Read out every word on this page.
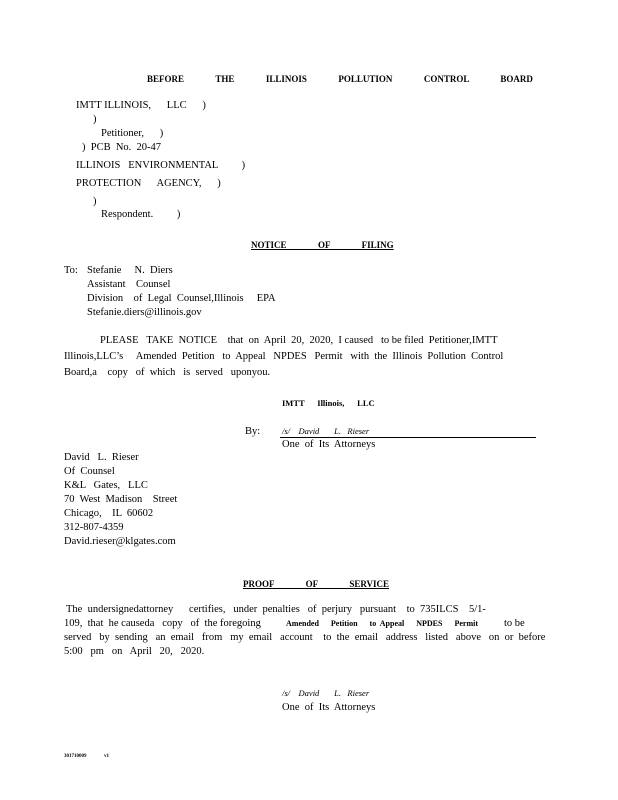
BEFORE      THE      ILLINOIS      POLLUTION      CONTROL      BOARD
IMTT ILLINOIS,      LLC      )
)
Petitioner,      )
)  PCB  No.  20-47
ILLINOIS   ENVIRONMENTAL         )
PROTECTION      AGENCY,      )
)
Respondent.         )
NOTICE      OF      FILING
To: Stefanie     N.  Diers
Assistant    Counsel
Division    of  Legal  Counsel,Illinois     EPA
Stefanie.diers@illinois.gov
PLEASE   TAKE  NOTICE    that  on  April  20,  2020,  I caused   to be filed  Petitioner,IMTT
Illinois,LLC’s     Amended  Petition   to  Appeal   NPDES   Permit   with  the  Illinois  Pollution  Control
Board,a    copy   of  which   is  served   uponyou.
IMTT      Illinois,      LLC
By:	/s/    David       L.   Rieser
One  of  Its  Attorneys
David   L.  Rieser
Of  Counsel
K&L   Gates,   LLC
70  West  Madison    Street
Chicago,    IL  60602
312-807-4359
David.rieser@klgates.com
PROOF      OF      SERVICE
The  undersignedattorney      certifies,   under  penalties   of  perjury   pursuant    to  735ILCS    5/1-
109,  that  he causeda   copy   of  the foregoing	Amended      Petition      to  Appeal      NPDES      Permit to be
served   by  sending   an  email   from   my  email   account    to  the  email   address   listed   above   on  or  before
5:00   pm   on   April   20,   2020.
/s/    David       L.   Rieser
One  of  Its  Attorneys
301710009	v1
